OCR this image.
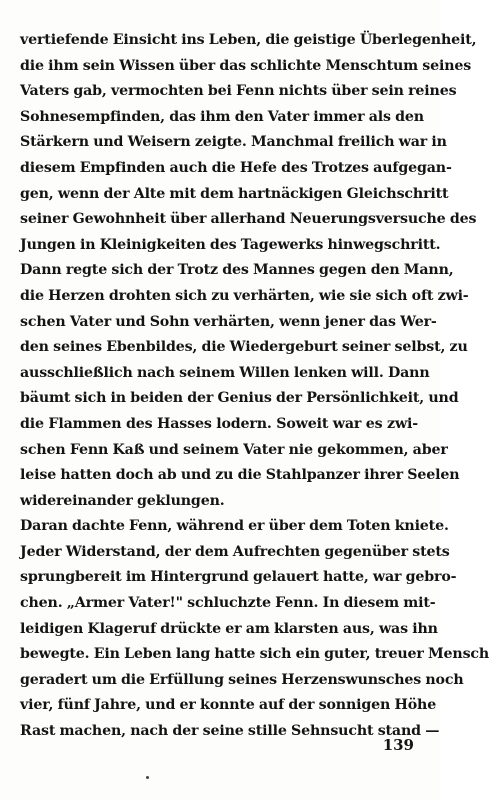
vertiefende Einsicht ins Leben, die geistige Überlegenheit,
die ihm sein Wissen über das schlichte Menschtum seines
Vaters gab, vermochten bei Fenn nichts über sein reines
Sohnesempfinden, das ihm den Vater immer als den
Stärkern und Weisern zeigte. Manchmal freilich war in
diesem Empfinden auch die Hefe des Trotzes aufgegan-
gen, wenn der Alte mit dem hartnäckigen Gleichschritt
seiner Gewohnheit über allerhand Neuerungsversuche des
Jungen in Kleinigkeiten des Tagewerks hinwegschritt.
Dann regte sich der Trotz des Mannes gegen den Mann,
die Herzen drohten sich zu verhärten, wie sie sich oft zwi-
schen Vater und Sohn verhärten, wenn jener das Wer-
den seines Ebenbildes, die Wiedergeburt seiner selbst, zu
ausschließlich nach seinem Willen lenken will. Dann
bäumt sich in beiden der Genius der Persönlichkeit, und
die Flammen des Hasses lodern. Soweit war es zwi-
schen Fenn Kaß und seinem Vater nie gekommen, aber
leise hatten doch ab und zu die Stahlpanzer ihrer Seelen
widereinander geklungen.
Daran dachte Fenn, während er über dem Toten kniete.
Jeder Widerstand, der dem Aufrechten gegenüber stets
sprungbereit im Hintergrund gelauert hatte, war gebro-
chen. „Armer Vater!" schluchzte Fenn. In diesem mit-
leidigen Klageruf drückte er am klarsten aus, was ihn
bewegte. Ein Leben lang hatte sich ein guter, treuer Mensch
geradert um die Erfüllung seines Herzenswunsches noch
vier, fünf Jahre, und er konnte auf der sonnigen Höhe
Rast machen, nach der seine stille Sehnsucht stand —
139
